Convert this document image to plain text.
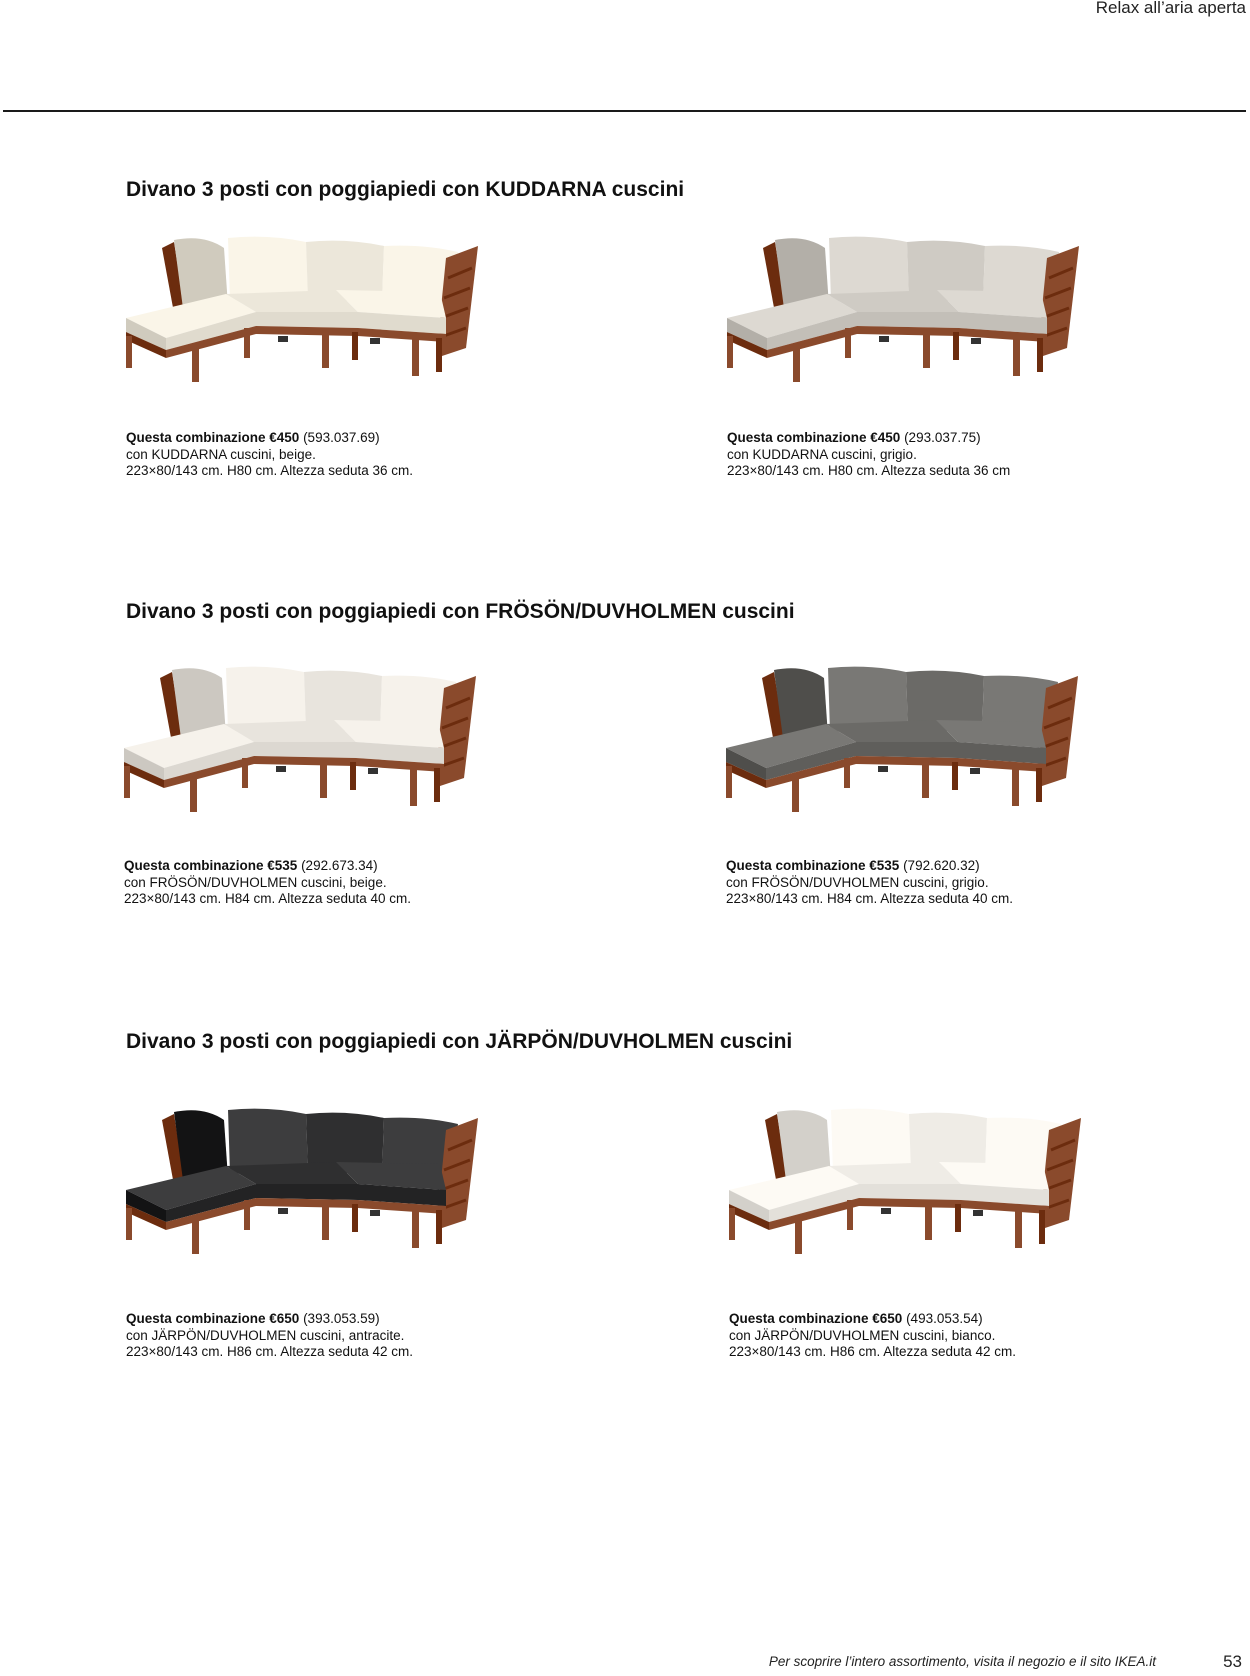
Relax all’aria aperta
Divano 3 posti con poggiapiedi con KUDDARNA cuscini
Questa combinazione €450 (593.037.69)
con KUDDARNA cuscini, beige.
223×80/143 cm. H80 cm. Altezza seduta 36 cm.
Questa combinazione €450 (293.037.75)
con KUDDARNA cuscini, grigio.
223×80/143 cm. H80 cm. Altezza seduta 36 cm
Divano 3 posti con poggiapiedi con FRÖSÖN/DUVHOLMEN cuscini
Questa combinazione €535 (292.673.34)
con FRÖSÖN/DUVHOLMEN cuscini, beige.
223×80/143 cm. H84 cm. Altezza seduta 40 cm.
Questa combinazione €535 (792.620.32)
con FRÖSÖN/DUVHOLMEN cuscini, grigio.
223×80/143 cm. H84 cm. Altezza seduta 40 cm.
Divano 3 posti con poggiapiedi con JÄRPÖN/DUVHOLMEN cuscini
Questa combinazione €650 (393.053.59)
con JÄRPÖN/DUVHOLMEN cuscini, antracite.
223×80/143 cm. H86 cm. Altezza seduta 42 cm.
Questa combinazione €650 (493.053.54)
con JÄRPÖN/DUVHOLMEN cuscini, bianco.
223×80/143 cm. H86 cm. Altezza seduta 42 cm.
Per scoprire l’intero assortimento, visita il negozio e il sito IKEA.it	53
